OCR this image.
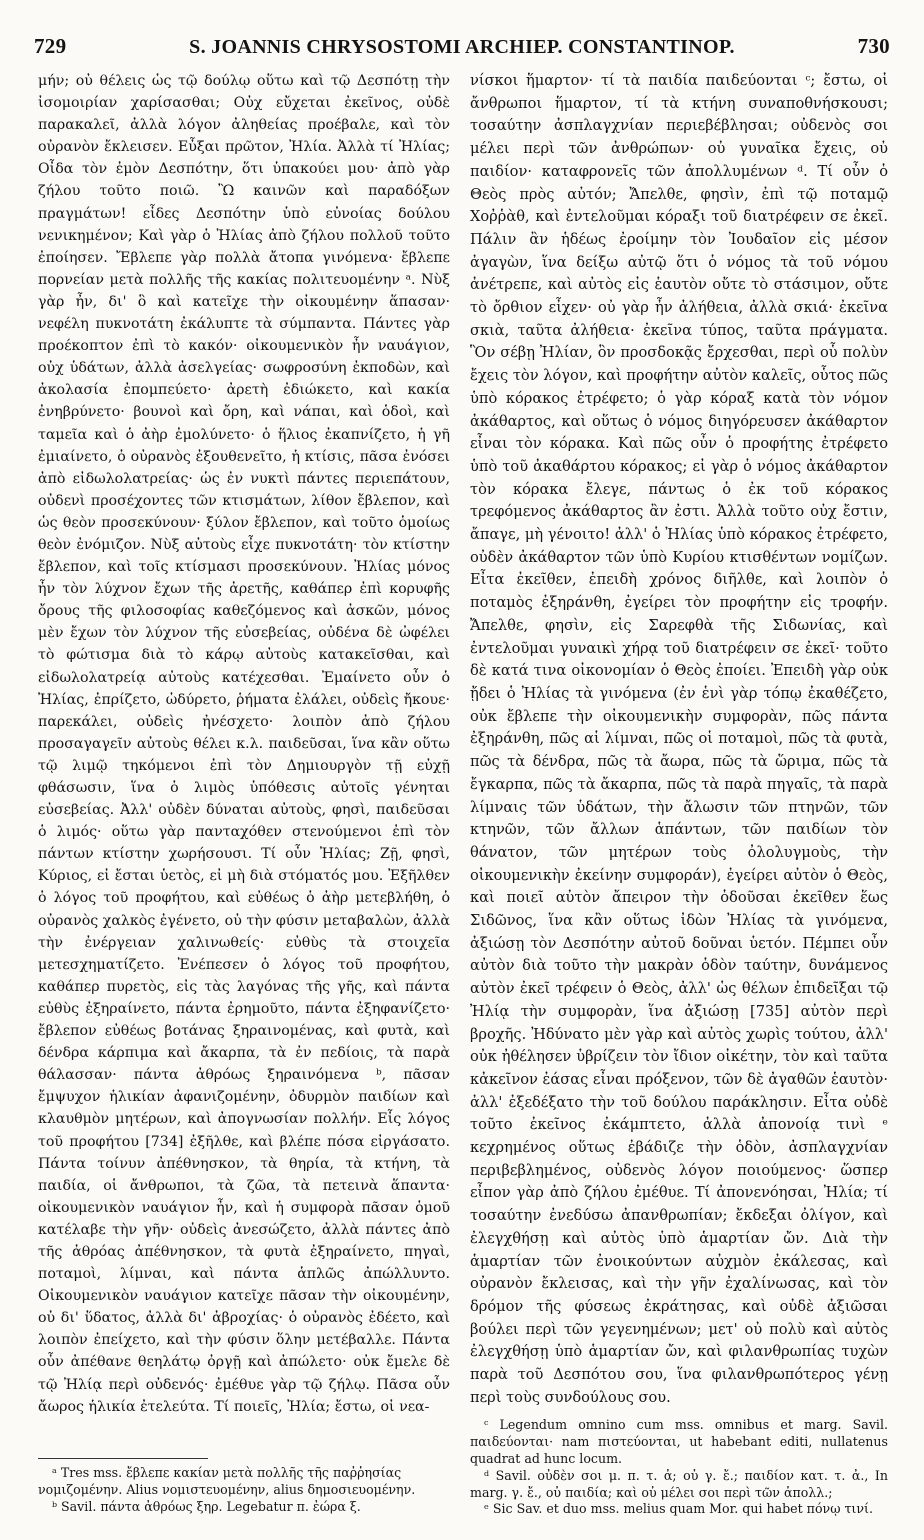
729	S. JOANNIS CHRYSOSTOMI ARCHIEP. CONSTANTINOP.	730

μήν; οὐ θέλεις ὡς τῷ δούλῳ οὕτω καὶ τῷ Δεσπότῃ τὴν ἰσομοιρίαν χαρίσασθαι; Οὐχ εὔχεται ἐκεῖνος, οὐδὲ παρακαλεῖ, ἀλλὰ λόγον ἀληθείας προέβαλε, καὶ τὸν οὐρανὸν ἔκλεισεν. Εὖξαι πρῶτον, Ἠλία. Ἀλλὰ τί Ἠλίας; Οἶδα τὸν ἐμὸν Δεσπότην, ὅτι ὑπακούει μου· ἀπὸ γὰρ ζήλου τοῦτο ποιῶ. Ὢ καινῶν καὶ παραδόξων πραγμάτων! εἶδες Δεσπότην ὑπὸ εὐνοίας δούλου νενικημένον; Καὶ γὰρ ὁ Ἠλίας ἀπὸ ζήλου πολλοῦ τοῦτο ἐποίησεν. Ἔβλεπε γὰρ πολλὰ ἄτοπα γινόμενα· ἔβλεπε πορνείαν μετὰ πολλῆς τῆς κακίας πολιτευομένην ᵃ. Νὺξ γὰρ ἦν, δι' ὃ καὶ κατεῖχε τὴν οἰκουμένην ἅπασαν· νεφέλη πυκνοτάτη ἐκάλυπτε τὰ σύμπαντα. Πάντες γὰρ προέκοπτον ἐπὶ τὸ κακόν· οἰκουμενικὸν ἦν ναυάγιον, οὐχ ὑδάτων, ἀλλὰ ἀσελγείας· σωφροσύνη ἐκποδὼν, καὶ ἀκολασία ἐπομπεύετο· ἀρετὴ ἐδιώκετο, καὶ κακία ἐνηβρύνετο· βουνοὶ καὶ ὄρη, καὶ νάπαι, καὶ ὁδοὶ, καὶ ταμεῖα καὶ ὁ ἀὴρ ἐμολύνετο· ὁ ἥλιος ἐκαπνίζετο, ἡ γῆ ἐμιαίνετο, ὁ οὐρανὸς ἐξουθενεῖτο, ἡ κτίσις, πᾶσα ἐνόσει ἀπὸ εἰδωλολατρείας· ὡς ἐν νυκτὶ πάντες περιεπάτουν, οὐδενὶ προσέχοντες τῶν κτισμάτων, λίθον ἔβλεπον, καὶ ὡς θεὸν προσεκύνουν· ξύλον ἔβλεπον, καὶ τοῦτο ὁμοίως θεὸν ἐνόμιζον. Νὺξ αὐτοὺς εἶχε πυκνοτάτη· τὸν κτίστην ἔβλεπον, καὶ τοῖς κτίσμασι προσεκύνουν. Ἠλίας μόνος ἦν τὸν λύχνον ἔχων τῆς ἀρετῆς, καθάπερ ἐπὶ κορυφῆς ὄρους τῆς φιλοσοφίας καθεζόμενος καὶ ἀσκῶν, μόνος μὲν ἔχων τὸν λύχνον τῆς εὐσεβείας, οὐδένα δὲ ὠφέλει τὸ φώτισμα διὰ τὸ κάρῳ αὐτοὺς κατακεῖσθαι, καὶ εἰδωλολατρείᾳ αὐτοὺς κατέχεσθαι. Ἐμαίνετο οὖν ὁ Ἠλίας, ἐπρίζετο, ὠδύρετο, ῥήματα ἐλάλει, οὐδεὶς ἤκουε· παρεκάλει, οὐδεὶς ἠνέσχετο· λοιπὸν ἀπὸ ζήλου προσαγαγεῖν αὐτοὺς θέλει κ.λ. παιδεῦσαι, ἵνα κἂν οὕτω τῷ λιμῷ τηκόμενοι ἐπὶ τὸν Δημιουργὸν τῇ εὐχῇ φθάσωσιν, ἵνα ὁ λιμὸς ὑπόθεσις αὐτοῖς γένηται εὐσεβείας. Ἀλλ' οὐδὲν δύναται αὐτοὺς, φησὶ, παιδεῦσαι ὁ λιμός· οὕτω γὰρ πανταχόθεν στενούμενοι ἐπὶ τὸν πάντων κτίστην χωρήσουσι. Τί οὖν Ἠλίας; Ζῇ, φησὶ, Κύριος, εἰ ἔσται ὑετὸς, εἰ μὴ διὰ στόματός μου. Ἐξῆλθεν ὁ λόγος τοῦ προφήτου, καὶ εὐθέως ὁ ἀὴρ μετεβλήθη, ὁ οὐρανὸς χαλκὸς ἐγένετο, οὐ τὴν φύσιν μεταβαλὼν, ἀλλὰ τὴν ἐνέργειαν χαλινωθείς· εὐθὺς τὰ στοιχεῖα μετεσχηματίζετο. Ἐνέπεσεν ὁ λόγος τοῦ προφήτου, καθάπερ πυρετὸς, εἰς τὰς λαγόνας τῆς γῆς, καὶ πάντα εὐθὺς ἐξηραίνετο, πάντα ἐρημοῦτο, πάντα ἐξηφανίζετο· ἔβλεπον εὐθέως βοτάνας ξηραινομένας, καὶ φυτὰ, καὶ δένδρα κάρπιμα καὶ ἄκαρπα, τὰ ἐν πεδίοις, τὰ παρὰ θάλασσαν· πάντα ἀθρόως ξηραινόμενα ᵇ, πᾶσαν ἔμψυχον ἡλικίαν ἀφανιζομένην, ὀδυρμὸν παιδίων καὶ κλαυθμὸν μητέρων, καὶ ἀπογνωσίαν πολλήν. Εἷς λόγος τοῦ προφήτου [734] ἐξῆλθε, καὶ βλέπε πόσα εἰργάσατο. Πάντα τοίνυν ἀπέθνησκον, τὰ θηρία, τὰ κτήνη, τὰ παιδία, οἱ ἄνθρωποι, τὰ ζῶα, τὰ πετεινὰ ἅπαντα· οἰκουμενικὸν ναυάγιον ἦν, καὶ ἡ συμφορὰ πᾶσαν ὁμοῦ κατέλαβε τὴν γῆν· οὐδεὶς ἀνεσώζετο, ἀλλὰ πάντες ἀπὸ τῆς ἀθρόας ἀπέθνησκον, τὰ φυτὰ ἐξηραίνετο, πηγαὶ, ποταμοὶ, λίμναι, καὶ πάντα ἁπλῶς ἀπώλλυντο. Οἰκουμενικὸν ναυάγιον κατεῖχε πᾶσαν τὴν οἰκουμένην, οὐ δι' ὕδατος, ἀλλὰ δι' ἀβροχίας· ὁ οὐρανὸς ἐδέετο, καὶ λοιπὸν ἐπείχετο, καὶ τὴν φύσιν ὅλην μετέβαλλε. Πάντα οὖν ἀπέθανε θεηλάτῳ ὀργῇ καὶ ἀπώλετο· οὐκ ἔμελε δὲ τῷ Ἠλίᾳ περὶ οὐδενός· ἐμέθυε γὰρ τῷ ζήλῳ. Πᾶσα οὖν ἄωρος ἡλικία ἐτελεύτα. Τί ποιεῖς, Ἠλία; ἔστω, οἱ νεα-

ᵃ Tres mss. ἔβλεπε κακίαν μετὰ πολλῆς τῆς παῤῥησίας νομιζομένην. Alius νομιστευομένην, alius δημοσιευομένην.

ᵇ Savil. πάντα ἀθρόως ξηρ. Legebatur π. ἐώρα ξ.

νίσκοι ἥμαρτον· τί τὰ παιδία παιδεύονται ᶜ; ἔστω, οἱ ἄνθρωποι ἥμαρτον, τί τὰ κτήνη συναποθνήσκουσι; τοσαύτην ἀσπλαγχνίαν περιεβέβλησαι; οὐδενὸς σοι μέλει περὶ τῶν ἀνθρώπων· οὐ γυναῖκα ἔχεις, οὐ παιδίον· καταφρονεῖς τῶν ἀπολλυμένων ᵈ. Τί οὖν ὁ Θεὸς πρὸς αὐτόν; Ἄπελθε, φησὶν, ἐπὶ τῷ ποταμῷ Χοῤῥὰθ, καὶ ἐντελοῦμαι κόραξι τοῦ διατρέφειν σε ἐκεῖ. Πάλιν ἂν ἡδέως ἐροίμην τὸν Ἰουδαῖον εἰς μέσον ἀγαγὼν, ἵνα δείξω αὐτῷ ὅτι ὁ νόμος τὰ τοῦ νόμου ἀνέτρεπε, καὶ αὐτὸς εἰς ἑαυτὸν οὔτε τὸ στάσιμον, οὔτε τὸ ὄρθιον εἶχεν· οὐ γὰρ ἦν ἀλήθεια, ἀλλὰ σκιά· ἐκεῖνα σκιὰ, ταῦτα ἀλήθεια· ἐκεῖνα τύπος, ταῦτα πράγματα. Ὃν σέβῃ Ἠλίαν, ὃν προσδοκᾷς ἔρχεσθαι, περὶ οὗ πολὺν ἔχεις τὸν λόγον, καὶ προφήτην αὐτὸν καλεῖς, οὗτος πῶς ὑπὸ κόρακος ἐτρέφετο; ὁ γὰρ κόραξ κατὰ τὸν νόμον ἀκάθαρτος, καὶ οὕτως ὁ νόμος διηγόρευσεν ἀκάθαρτον εἶναι τὸν κόρακα. Καὶ πῶς οὖν ὁ προφήτης ἐτρέφετο ὑπὸ τοῦ ἀκαθάρτου κόρακος; εἰ γὰρ ὁ νόμος ἀκάθαρτον τὸν κόρακα ἔλεγε, πάντως ὁ ἐκ τοῦ κόρακος τρεφόμενος ἀκάθαρτος ἂν ἐστι. Ἀλλὰ τοῦτο οὐχ ἔστιν, ἄπαγε, μὴ γένοιτο! ἀλλ' ὁ Ἠλίας ὑπὸ κόρακος ἐτρέφετο, οὐδὲν ἀκάθαρτον τῶν ὑπὸ Κυρίου κτισθέντων νομίζων. Εἶτα ἐκεῖθεν, ἐπειδὴ χρόνος διῆλθε, καὶ λοιπὸν ὁ ποταμὸς ἐξηράνθη, ἐγείρει τὸν προφήτην εἰς τροφήν. Ἄπελθε, φησὶν, εἰς Σαρεφθὰ τῆς Σιδωνίας, καὶ ἐντελοῦμαι γυναικὶ χήρᾳ τοῦ διατρέφειν σε ἐκεῖ· τοῦτο δὲ κατά τινα οἰκονομίαν ὁ Θεὸς ἐποίει. Ἐπειδὴ γὰρ οὐκ ᾔδει ὁ Ἠλίας τὰ γινόμενα (ἐν ἑνὶ γὰρ τόπῳ ἐκαθέζετο, οὐκ ἔβλεπε τὴν οἰκουμενικὴν συμφορὰν, πῶς πάντα ἐξηράνθη, πῶς αἱ λίμναι, πῶς οἱ ποταμοὶ, πῶς τὰ φυτὰ, πῶς τὰ δένδρα, πῶς τὰ ἄωρα, πῶς τὰ ὥριμα, πῶς τὰ ἔγκαρπα, πῶς τὰ ἄκαρπα, πῶς τὰ παρὰ πηγαῖς, τὰ παρὰ λίμναις τῶν ὑδάτων, τὴν ἄλωσιν τῶν πτηνῶν, τῶν κτηνῶν, τῶν ἄλλων ἁπάντων, τῶν παιδίων τὸν θάνατον, τῶν μητέρων τοὺς ὀλολυγμοὺς, τὴν οἰκουμενικὴν ἐκείνην συμφοράν), ἐγείρει αὐτὸν ὁ Θεὸς, καὶ ποιεῖ αὐτὸν ἄπειρον τὴν ὁδοῦσαι ἐκεῖθεν ἕως Σιδῶνος, ἵνα κἂν οὕτως ἰδὼν Ἠλίας τὰ γινόμενα, ἀξιώσῃ τὸν Δεσπότην αὐτοῦ δοῦναι ὑετόν. Πέμπει οὖν αὐτὸν διὰ τοῦτο τὴν μακρὰν ὁδὸν ταύτην, δυνάμενος αὐτὸν ἐκεῖ τρέφειν ὁ Θεὸς, ἀλλ' ὡς θέλων ἐπιδεῖξαι τῷ Ἠλίᾳ τὴν συμφορὰν, ἵνα ἀξιώσῃ [735] αὐτὸν περὶ βροχῆς. Ἠδύνατο μὲν γὰρ καὶ αὐτὸς χωρὶς τούτου, ἀλλ' οὐκ ἠθέλησεν ὑβρίζειν τὸν ἴδιον οἰκέτην, τὸν καὶ ταῦτα κἀκεῖνον ἐάσας εἶναι πρόξενον, τῶν δὲ ἀγαθῶν ἑαυτὸν· ἀλλ' ἐξεδέξατο τὴν τοῦ δούλου παράκλησιν. Εἶτα οὐδὲ τοῦτο ἐκεῖνος ἐκάμπτετο, ἀλλὰ ἀπονοίᾳ τινὶ ᵉ κεχρημένος οὕτως ἐβάδιζε τὴν ὁδὸν, ἀσπλαγχνίαν περιβεβλημένος, οὐδενὸς λόγον ποιούμενος· ὥσπερ εἶπον γὰρ ἀπὸ ζήλου ἐμέθυε. Τί ἀπονενόησαι, Ἠλία; τί τοσαύτην ἐνεδύσω ἀπανθρωπίαν; ἔκδεξαι ὀλίγον, καὶ ἐλεγχθήσῃ καὶ αὐτὸς ὑπὸ ἁμαρτίαν ὤν. Διὰ τὴν ἁμαρτίαν τῶν ἐνοικούντων αὐχμὸν ἐκάλεσας, καὶ οὐρανὸν ἔκλεισας, καὶ τὴν γῆν ἐχαλίνωσας, καὶ τὸν δρόμον τῆς φύσεως ἐκράτησας, καὶ οὐδὲ ἀξιῶσαι βούλει περὶ τῶν γεγενημένων; μετ' οὐ πολὺ καὶ αὐτὸς ἐλεγχθήσῃ ὑπὸ ἁμαρτίαν ὤν, καὶ φιλανθρωπίας τυχὼν παρὰ τοῦ Δεσπότου σου, ἵνα φιλανθρωπότερος γένῃ περὶ τοὺς συνδούλους σου.

ᶜ Legendum omnino cum mss. omnibus et marg. Savil. παιδεύονται· nam πιστεύονται, ut habebant editi, nullatenus quadrat ad hunc locum.

ᵈ Savil. οὐδὲν σοι μ. π. τ. ἀ; οὐ γ. ἔ.; παιδίον κατ. τ. ἀ., In marg. γ. ἔ., οὐ παιδία; καὶ οὐ μέλει σοι περὶ τῶν ἀπολλ.;

ᵉ Sic Sav. et duo mss. melius quam Mor. qui habet πόνῳ τινί.
